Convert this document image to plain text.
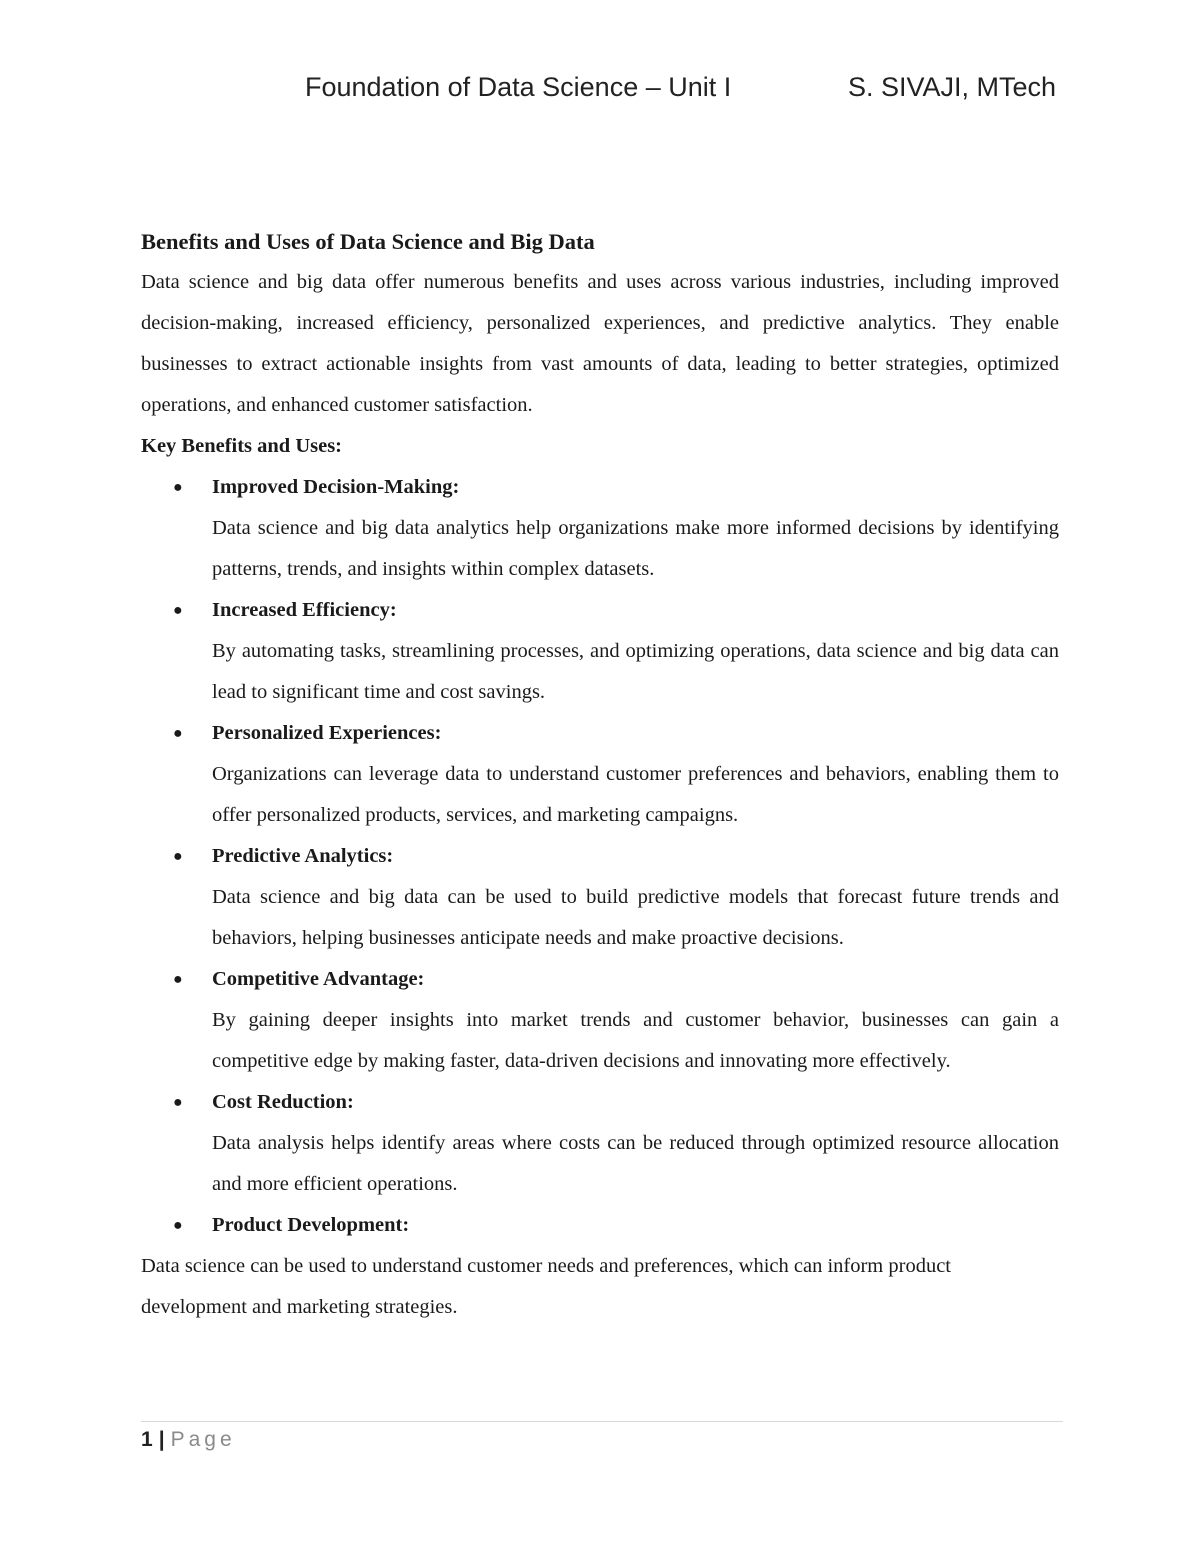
Foundation of Data Science – Unit I	S. SIVAJI, MTech
Benefits and Uses of Data Science and Big Data

Data science and big data offer numerous benefits and uses across various industries, including improved decision-making, increased efficiency, personalized experiences, and predictive analytics. They enable businesses to extract actionable insights from vast amounts of data, leading to better strategies, optimized operations, and enhanced customer satisfaction.

Key Benefits and Uses:

● Improved Decision-Making:
Data science and big data analytics help organizations make more informed decisions by identifying patterns, trends, and insights within complex datasets.
● Increased Efficiency:
By automating tasks, streamlining processes, and optimizing operations, data science and big data can lead to significant time and cost savings.
● Personalized Experiences:
Organizations can leverage data to understand customer preferences and behaviors, enabling them to offer personalized products, services, and marketing campaigns.
● Predictive Analytics:
Data science and big data can be used to build predictive models that forecast future trends and behaviors, helping businesses anticipate needs and make proactive decisions.
● Competitive Advantage:
By gaining deeper insights into market trends and customer behavior, businesses can gain a competitive edge by making faster, data-driven decisions and innovating more effectively.
● Cost Reduction:
Data analysis helps identify areas where costs can be reduced through optimized resource allocation and more efficient operations.
● Product Development:

Data science can be used to understand customer needs and preferences, which can inform product development and marketing strategies.

1 | Page
